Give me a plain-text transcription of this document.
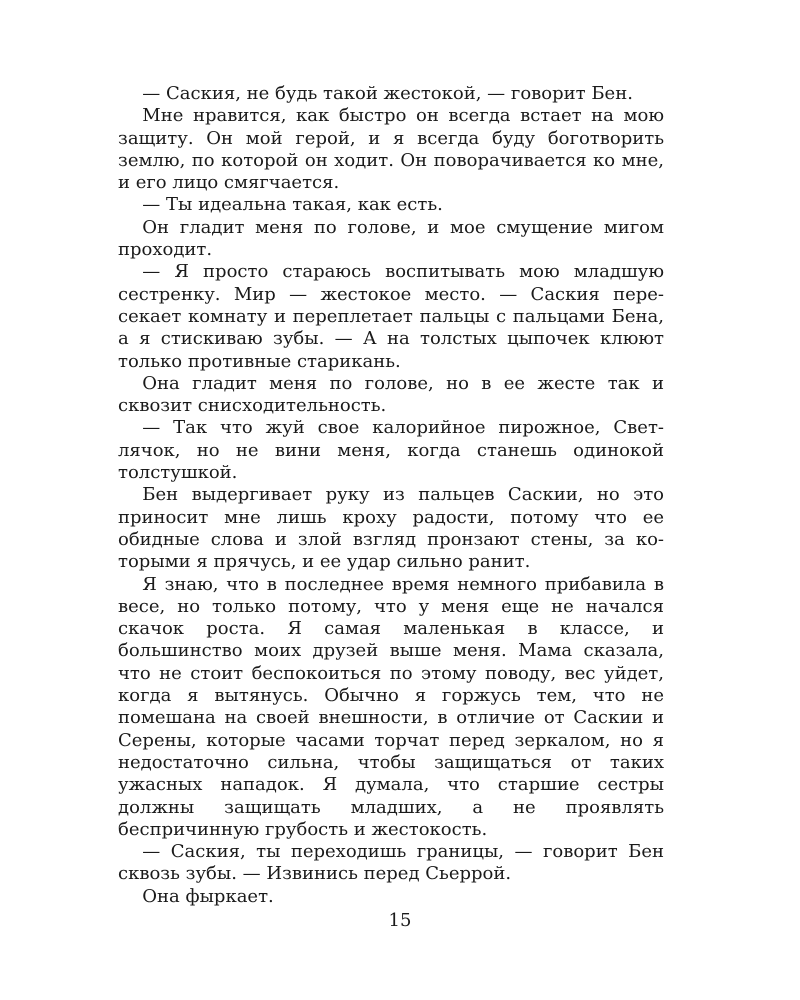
— Саския, не будь такой жестокой, — говорит Бен.

Мне нравится, как быстро он всегда встает на мою защиту. Он мой герой, и я всегда буду боготворить землю, по которой он ходит. Он поворачивается ко мне, и его лицо смягчается.

— Ты идеальна такая, как есть.

Он гладит меня по голове, и мое смущение мигом проходит.

— Я просто стараюсь воспитывать мою младшую сестренку. Мир — жестокое место. — Саския пересекает комнату и переплетает пальцы с пальцами Бена, а я стискиваю зубы. — А на толстых цыпочек клюют только противные старикань.

Она гладит меня по голове, но в ее жесте так и сквозит снисходительность.

— Так что жуй свое калорийное пирожное, Светлячок, но не вини меня, когда станешь одинокой толстушкой.

Бен выдергивает руку из пальцев Саскии, но это приносит мне лишь кроху радости, потому что ее обидные слова и злой взгляд пронзают стены, за которыми я прячусь, и ее удар сильно ранит.

Я знаю, что в последнее время немного прибавила в весе, но только потому, что у меня еще не начался скачок роста. Я самая маленькая в классе, и большинство моих друзей выше меня. Мама сказала, что не стоит беспокоиться по этому поводу, вес уйдет, когда я вытянусь. Обычно я горжусь тем, что не помешана на своей внешности, в отличие от Саскии и Серены, которые часами торчат перед зеркалом, но я недостаточно сильна, чтобы защищаться от таких ужасных нападок. Я думала, что старшие сестры должны защищать младших, а не проявлять беспричинную грубость и жестокость.

— Саския, ты переходишь границы, — говорит Бен сквозь зубы. — Извинись перед Сьеррой.

Она фыркает.

15
